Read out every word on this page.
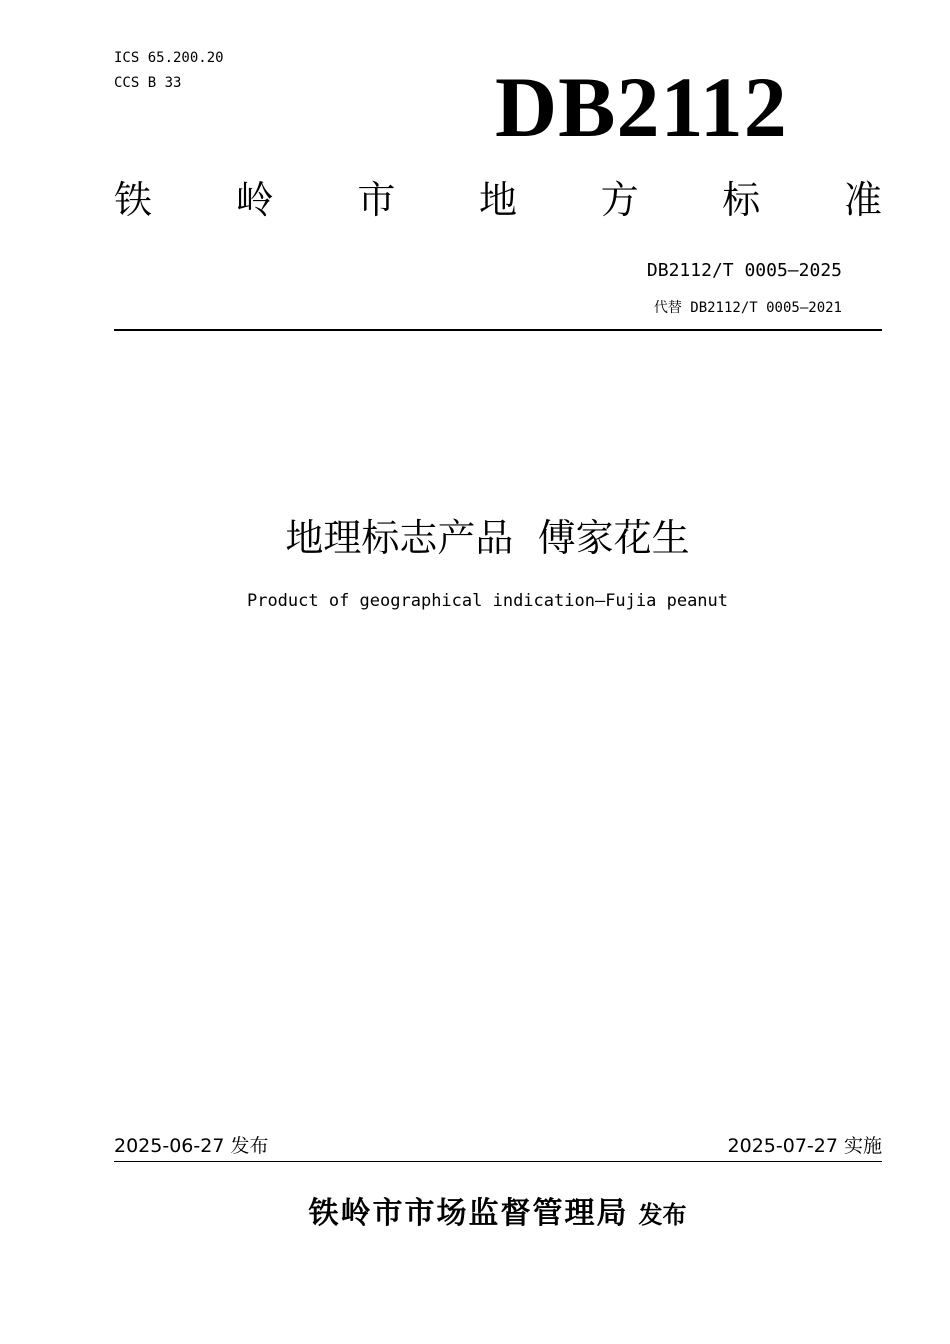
ICS 65.200.20
CCS B 33	DB2112
铁 岭 市 地 方 标 准
DB2112/T 0005—2025
代替 DB2112/T 0005—2021
地理标志产品  傅家花生
Product of geographical indication—Fujia peanut
2025-06-27 发布	2025-07-27 实施
铁岭市市场监督管理局 发布
